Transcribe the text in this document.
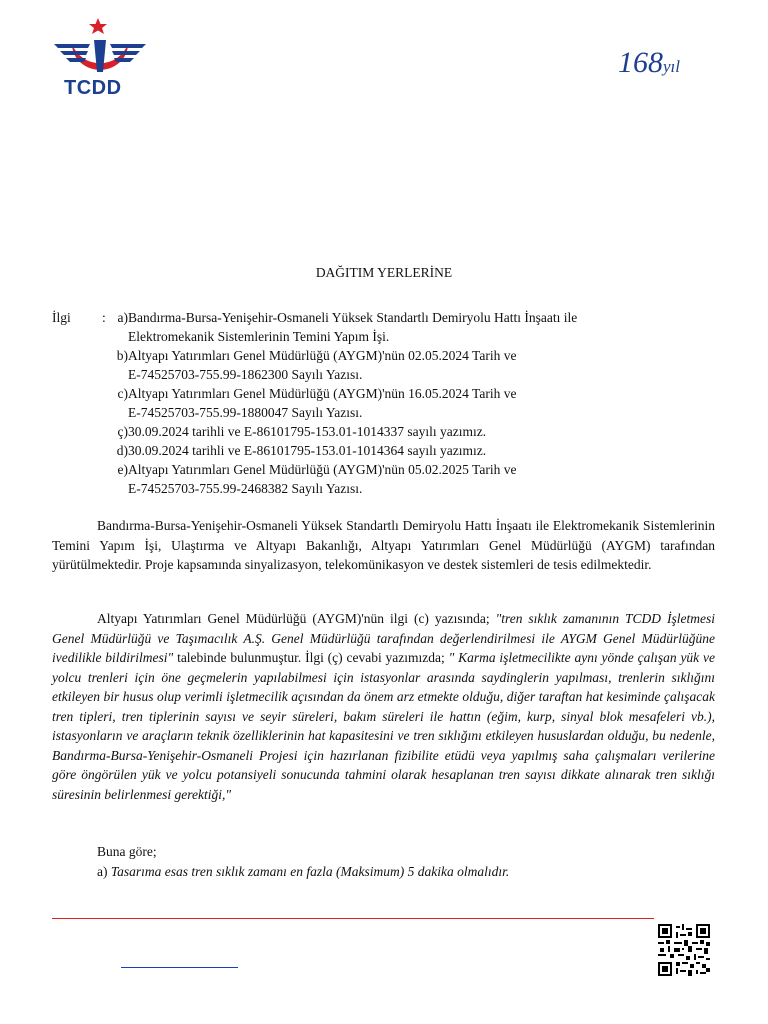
TCDD
168yıl
DAĞITIM YERLERİNE
İlgi : a) Bandırma-Bursa-Yenişehir-Osmaneli Yüksek Standartlı Demiryolu Hattı İnşaatı ile
Elektromekanik Sistemlerinin Temini Yapım İşi.
b) Altyapı Yatırımları Genel Müdürlüğü (AYGM)'nün 02.05.2024 Tarih ve
E-74525703-755.99-1862300 Sayılı Yazısı.
c) Altyapı Yatırımları Genel Müdürlüğü (AYGM)'nün 16.05.2024 Tarih ve
E-74525703-755.99-1880047 Sayılı Yazısı.
ç) 30.09.2024 tarihli ve E-86101795-153.01-1014337 sayılı yazımız.
d) 30.09.2024 tarihli ve E-86101795-153.01-1014364 sayılı yazımız.
e) Altyapı Yatırımları Genel Müdürlüğü (AYGM)'nün 05.02.2025 Tarih ve
E-74525703-755.99-2468382 Sayılı Yazısı.
Bandırma-Bursa-Yenişehir-Osmaneli Yüksek Standartlı Demiryolu Hattı İnşaatı ile Elektromekanik Sistemlerinin Temini Yapım İşi, Ulaştırma ve Altyapı Bakanlığı, Altyapı Yatırımları Genel Müdürlüğü (AYGM) tarafından yürütülmektedir. Proje kapsamında sinyalizasyon, telekomünikasyon ve destek sistemleri de tesis edilmektedir.
Altyapı Yatırımları Genel Müdürlüğü (AYGM)'nün ilgi (c) yazısında; "tren sıklık zamanının TCDD İşletmesi Genel Müdürlüğü ve Taşımacılık A.Ş. Genel Müdürlüğü tarafından değerlendirilmesi ile AYGM Genel Müdürlüğüne ivedilikle bildirilmesi" talebinde bulunmuştur. İlgi (ç) cevabi yazımızda; " Karma işletmecilikte aynı yönde çalışan yük ve yolcu trenleri için öne geçmelerin yapılabilmesi için istasyonlar arasında saydinglerin yapılması, trenlerin sıklığını etkileyen bir husus olup verimli işletmecilik açısından da önem arz etmekte olduğu, diğer taraftan hat kesiminde çalışacak tren tipleri, tren tiplerinin sayısı ve seyir süreleri, bakım süreleri ile hattın (eğim, kurp, sinyal blok mesafeleri vb.), istasyonların ve araçların teknik özelliklerinin hat kapasitesini ve tren sıklığını etkileyen hususlardan olduğu, bu nedenle, Bandırma-Bursa-Yenişehir-Osmaneli Projesi için hazırlanan fizibilite etüdü veya yapılmış saha çalışmaları verilerine göre öngörülen yük ve yolcu potansiyeli sonucunda tahmini olarak hesaplanan tren sayısı dikkate alınarak tren sıklığı süresinin belirlenmesi gerektiği,"
Buna göre;
a) Tasarıma esas tren sıklık zamanı en fazla (Maksimum) 5 dakika olmalıdır.
